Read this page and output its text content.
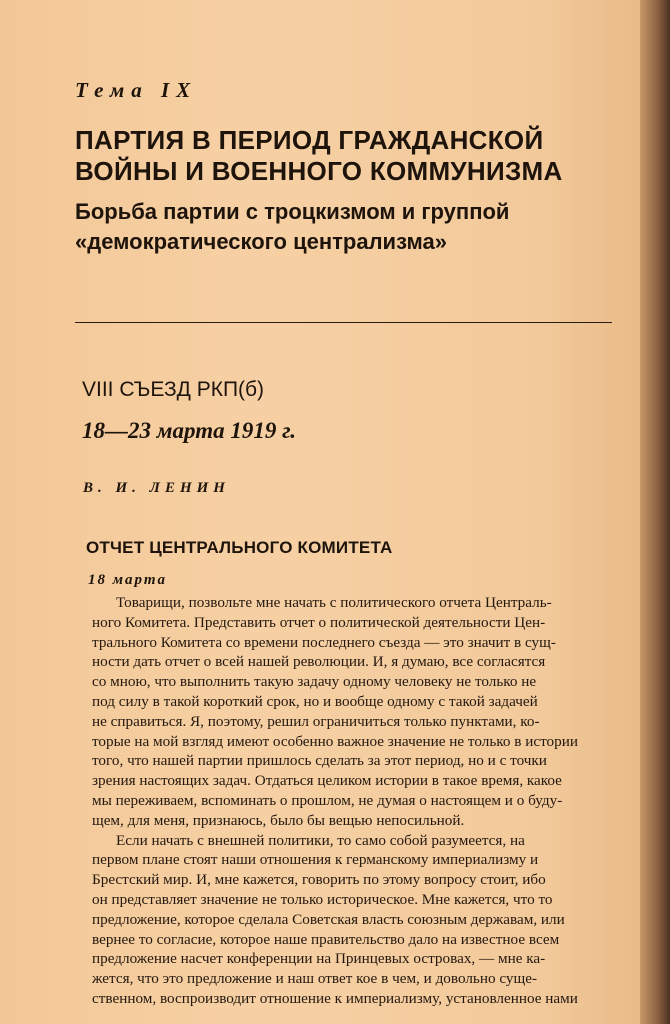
Тема IX
ПАРТИЯ В ПЕРИОД ГРАЖДАНСКОЙ
ВОЙНЫ И ВОЕННОГО КОММУНИЗМА
Борьба партии с троцкизмом и группой
«демократического централизма»
VIII СЪЕЗД РКП(б)
18—23 марта 1919 г.
В. И. ЛЕНИН
ОТЧЕТ ЦЕНТРАЛЬНОГО КОМИТЕТА
18 марта
Товарищи, позвольте мне начать с политического отчета Централь-
ного Комитета. Представить отчет о политической деятельности Цен-
трального Комитета со времени последнего съезда — это значит в сущ-
ности дать отчет о всей нашей революции. И, я думаю, все согласятся
со мною, что выполнить такую задачу одному человеку не только не
под силу в такой короткий срок, но и вообще одному с такой задачей
не справиться. Я, поэтому, решил ограничиться только пунктами, ко-
торые на мой взгляд имеют особенно важное значение не только в истории
того, что нашей партии пришлось сделать за этот период, но и с точки
зрения настоящих задач. Отдаться целиком истории в такое время, какое
мы переживаем, вспоминать о прошлом, не думая о настоящем и о буду-
щем, для меня, признаюсь, было бы вещью непосильной.
Если начать с внешней политики, то само собой разумеется, на
первом плане стоят наши отношения к германскому империализму и
Брестский мир. И, мне кажется, говорить по этому вопросу стоит, ибо
он представляет значение не только историческое. Мне кажется, что то
предложение, которое сделала Советская власть союзным державам, или
вернее то согласие, которое наше правительство дало на известное всем
предложение насчет конференции на Принцевых островах, — мне ка-
жется, что это предложение и наш ответ кое в чем, и довольно суще-
ственном, воспроизводит отношение к империализму, установленное нами
